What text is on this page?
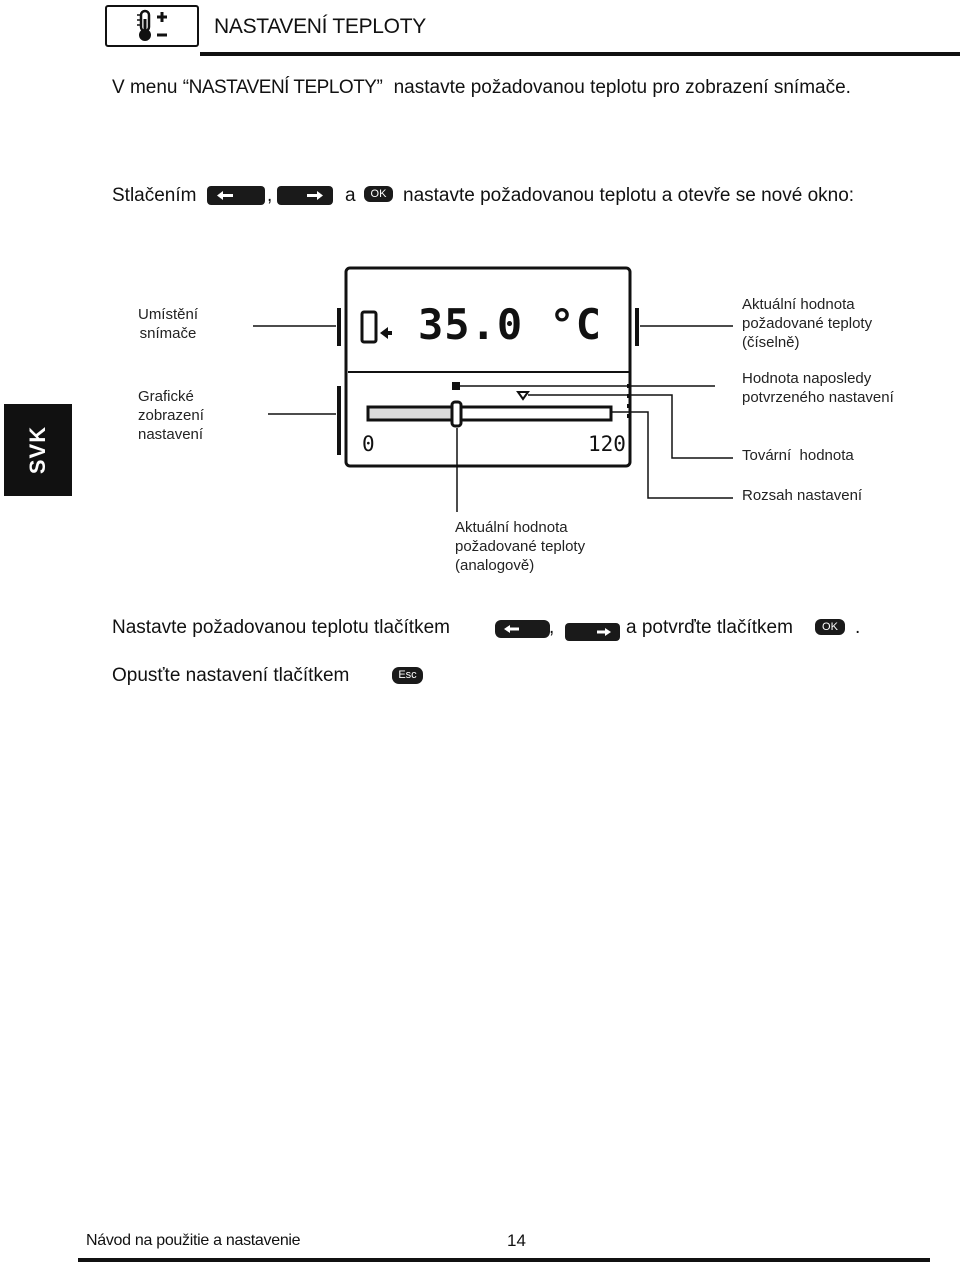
NASTAVENÍ TEPLOTY
V menu “NASTAVENÍ TEPLOTY” nastavte požadovanou teplotu pro zobrazení snímače.
Stlačením	,	a	OK nastavte požadovanou teplotu a otevře se nové okno:
35.0 °C
0	120
Umístění
snímače
Grafické
zobrazení
nastavení
Aktuální hodnota
požadované teploty
(číselně)
Hodnota naposledy
potvrzeného nastavení
Tovární  hodnota
Rozsah nastavení
Aktuální hodnota
požadované teploty
(analogově)
SVK
Nastavte požadovanou teplotu tlačítkem	,	a potvrďte tlačítkem	OK .
Opusťte nastavení tlačítkem	Esc
Návod na použitie a nastavenie	14
